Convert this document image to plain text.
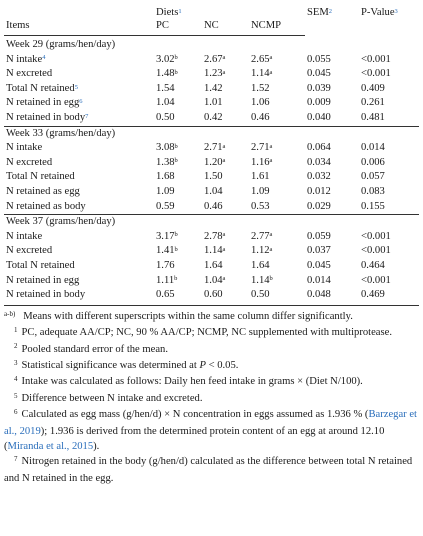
	Diets$^1$			SEM$^2$	P-Value$^3$
Items	PC	NC	NCMP		
Week 29 (grams/hen/day)					
N intake$^4$	3.02$^b$	2.67$^a$	2.65$^a$	0.055	<0.001
N excreted	1.48$^b$	1.23$^a$	1.14$^a$	0.045	<0.001
Total N retained$^5$	1.54	1.42	1.52	0.039	0.409
N retained in egg$^6$	1.04	1.01	1.06	0.009	0.261
N retained in body$^7$	0.50	0.42	0.46	0.040	0.481
Week 33 (grams/hen/day)					
N intake	3.08$^b$	2.71$^a$	2.71$^a$	0.064	0.014
N excreted	1.38$^b$	1.20$^a$	1.16$^a$	0.034	0.006
Total N retained	1.68	1.50	1.61	0.032	0.057
N retained as egg	1.09	1.04	1.09	0.012	0.083
N retained as body	0.59	0.46	0.53	0.029	0.155
Week 37 (grams/hen/day)					
N intake	3.17$^b$	2.78$^a$	2.77$^a$	0.059	<0.001
N excreted	1.41$^b$	1.14$^a$	1.12$^a$	0.037	<0.001
Total N retained	1.76	1.64	1.64	0.045	0.464
N retained in egg	1.11$^b$	1.04$^a$	1.14$^b$	0.014	<0.001
N retained in body	0.65	0.60	0.50	0.048	0.469

$^{a-b)}$ Means with different superscripts within the same column differ significantly.

$^1$ PC, adequate AA/CP; NC, 90 % AA/CP; NCMP, NC supplemented with multiprotease.

$^2$ Pooled standard error of the mean.

$^3$ Statistical significance was determined at P < 0.05.

$^4$ Intake was calculated as follows: Daily hen feed intake in grams × (Diet N/100).

$^5$ Difference between N intake and excreted.

$^6$ Calculated as egg mass (g/hen/d) × N concentration in eggs assumed as 1.936 % (Barzegar et al., 2019); 1.936 is derived from the determined protein content of an egg at around 12.10 (Miranda et al., 2015).

$^7$ Nitrogen retained in the body (g/hen/d) calculated as the difference between total N retained and N retained in the egg.
